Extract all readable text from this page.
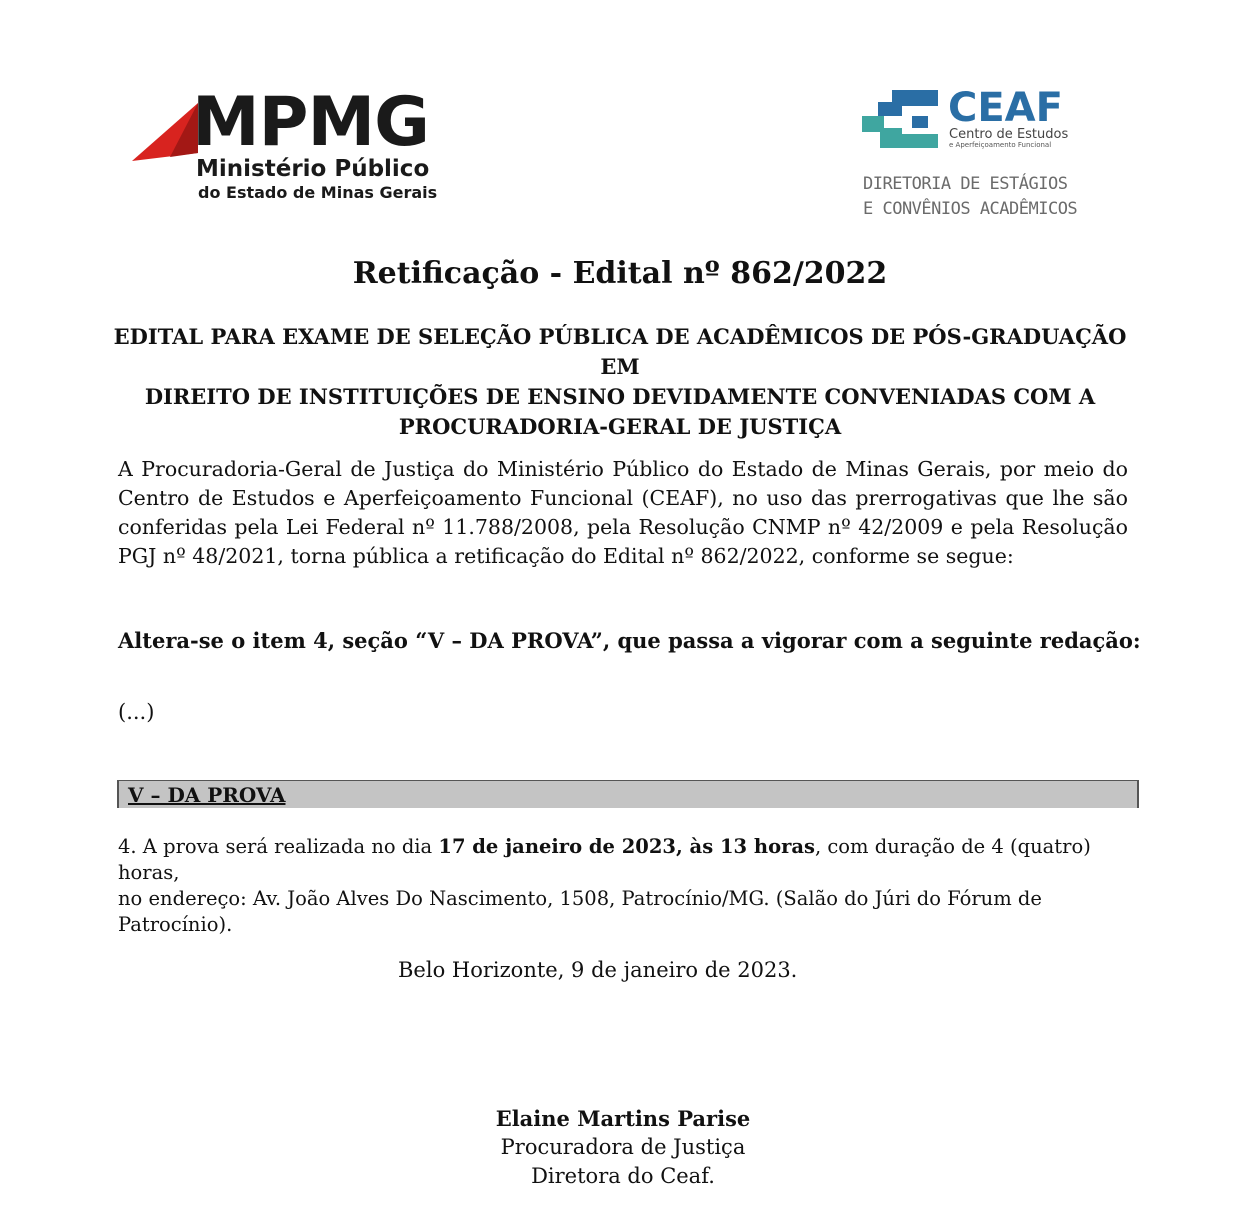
MPMG
Ministério Público
do Estado de Minas Gerais
CEAF
Centro de Estudos
e Aperfeiçoamento Funcional
DIRETORIA DE ESTÁGIOS
E CONVÊNIOS ACADÊMICOS
Retificação - Edital nº 862/2022
EDITAL PARA EXAME DE SELEÇÃO PÚBLICA DE ACADÊMICOS DE PÓS-GRADUAÇÃO EM
DIREITO DE INSTITUIÇÕES DE ENSINO DEVIDAMENTE CONVENIADAS COM A
PROCURADORIA-GERAL DE JUSTIÇA

A Procuradoria-Geral de Justiça do Ministério Público do Estado de Minas Gerais, por meio do Centro de Estudos e Aperfeiçoamento Funcional (CEAF), no uso das prerrogativas que lhe são conferidas pela Lei Federal nº 11.788/2008, pela Resolução CNMP nº 42/2009 e pela Resolução PGJ nº 48/2021, torna pública a retificação do Edital nº 862/2022, conforme se segue:

Altera-se o item 4, seção “V – DA PROVA”, que passa a vigorar com a seguinte redação:

(...)

V – DA PROVA

4. A prova será realizada no dia 17 de janeiro de 2023, às 13 horas, com duração de 4 (quatro) horas,
no endereço: Av. João Alves Do Nascimento, 1508, Patrocínio/MG. (Salão do Júri do Fórum de Patrocínio).

Belo Horizonte, 9 de janeiro de 2023.

Elaine Martins Parise
Procuradora de Justiça
Diretora do Ceaf.
